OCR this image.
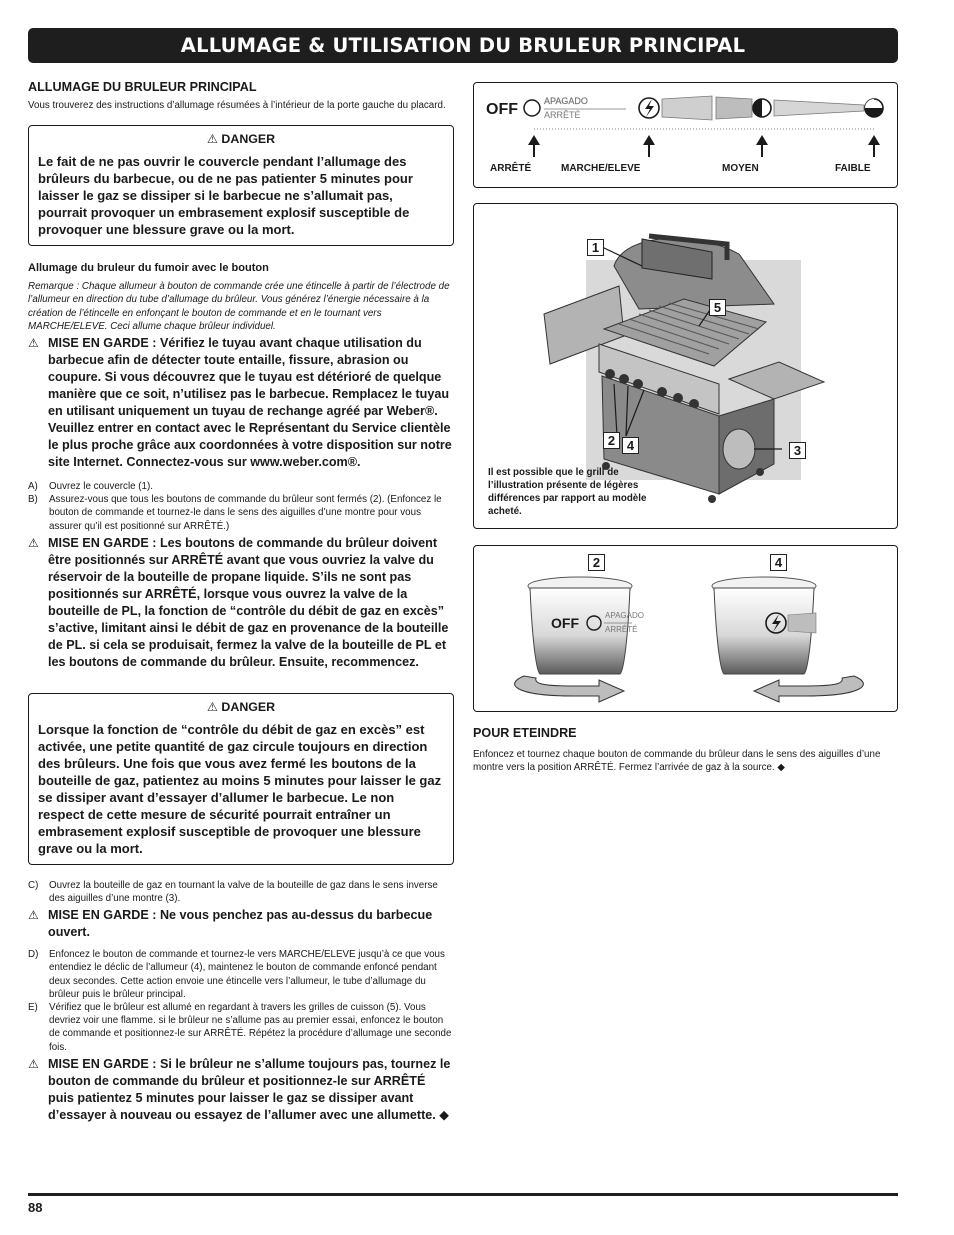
ALLUMAGE & UTILISATION DU BRULEUR PRINCIPAL
ALLUMAGE DU BRULEUR PRINCIPAL
Vous trouverez des instructions d’allumage résumées à l’intérieur de la porte gauche du placard.
⚠ DANGER
Le fait de ne pas ouvrir le couvercle pendant l’allumage des brûleurs du barbecue, ou de ne pas patienter 5 minutes pour laisser le gaz se dissiper si le barbecue ne s’allumait pas, pourrait provoquer un embrasement explosif susceptible de provoquer une blessure grave ou la mort.
Allumage du bruleur du fumoir avec le bouton
Remarque : Chaque allumeur à bouton de commande crée une étincelle à partir de l’électrode de l’allumeur en direction du tube d’allumage du brûleur. Vous générez l’énergie nécessaire à la création de l’étincelle en enfonçant le bouton de commande et en le tournant vers MARCHE/ELEVE. Ceci allume chaque brûleur individuel.
⚠ MISE EN GARDE : Vérifiez le tuyau avant chaque utilisation du barbecue afin de détecter toute entaille, fissure, abrasion ou coupure. Si vous découvrez que le tuyau est détérioré de quelque manière que ce soit, n’utilisez pas le barbecue. Remplacez le tuyau en utilisant uniquement un tuyau de rechange agréé par Weber®. Veuillez entrer en contact avec le Représentant du Service clientèle le plus proche grâce aux coordonnées à votre disposition sur notre site Internet. Connectez-vous sur www.weber.com®.
A)	Ouvrez le couvercle (1).
B)	Assurez-vous que tous les boutons de commande du brûleur sont fermés (2). (Enfoncez le bouton de commande et tournez-le dans le sens des aiguilles d’une montre pour vous assurer qu’il est positionné sur ARRÊTÉ.)
⚠ MISE EN GARDE : Les boutons de commande du brûleur doivent être positionnés sur ARRÊTÉ avant que vous ouvriez la valve du réservoir de la bouteille de propane liquide. S’ils ne sont pas positionnés sur ARRÊTÉ, lorsque vous ouvrez la valve de la bouteille de PL, la fonction de “contrôle du débit de gaz en excès” s’active, limitant ainsi le débit de gaz en provenance de la bouteille de PL. si cela se produisait, fermez la valve de la bouteille de PL et les boutons de commande du brûleur. Ensuite, recommencez.
⚠ DANGER
Lorsque la fonction de “contrôle du débit de gaz en excès” est activée, une petite quantité de gaz circule toujours en direction des brûleurs. Une fois que vous avez fermé les boutons de la bouteille de gaz, patientez au moins 5 minutes pour laisser le gaz se dissiper avant d’essayer d’allumer le barbecue. Le non respect de cette mesure de sécurité pourrait entraîner un embrasement explosif susceptible de provoquer une blessure grave ou la mort.
C)	Ouvrez la bouteille de gaz en tournant la valve de la bouteille de gaz dans le sens inverse des aiguilles d’une montre (3).
⚠ MISE EN GARDE : Ne vous penchez pas au-dessus du barbecue ouvert.
D)	Enfoncez le bouton de commande et tournez-le vers MARCHE/ELEVE jusqu’à ce que vous entendiez le déclic de l’allumeur (4), maintenez le bouton de commande enfoncé pendant deux secondes. Cette action envoie une étincelle vers l’allumeur, le tube d’allumage du brûleur puis le brûleur principal.
E)	Vérifiez que le brûleur est allumé en regardant à travers les grilles de cuisson (5). Vous devriez voir une flamme. si le brûleur ne s’allume pas au premier essai, enfoncez le bouton de commande et positionnez-le sur ARRÊTÉ. Répétez la procédure d’allumage une seconde fois.
⚠ MISE EN GARDE : Si le brûleur ne s’allume toujours pas, tournez le bouton de commande du brûleur et positionnez-le sur ARRÊTÉ puis patientez 5 minutes pour laisser le gaz se dissiper avant d’essayer à nouveau ou essayez de l’allumer avec une allumette. ◆
OFF	APAGADO
ARRÊTÉ
ARRÊTÉ	MARCHE/ELEVE	MOYEN	FAIBLE
1
5
2 4	3
Il est possible que le grill de l’illustration présente de légères différences par rapport au modèle acheté.
OFF	APAGADO
ARRÊTÉ
2	4
POUR ETEINDRE
Enfoncez et tournez chaque bouton de commande du brûleur dans le sens des aiguilles d’une montre vers la position ARRÊTÉ. Fermez l’arrivée de gaz à la source. ◆
88
